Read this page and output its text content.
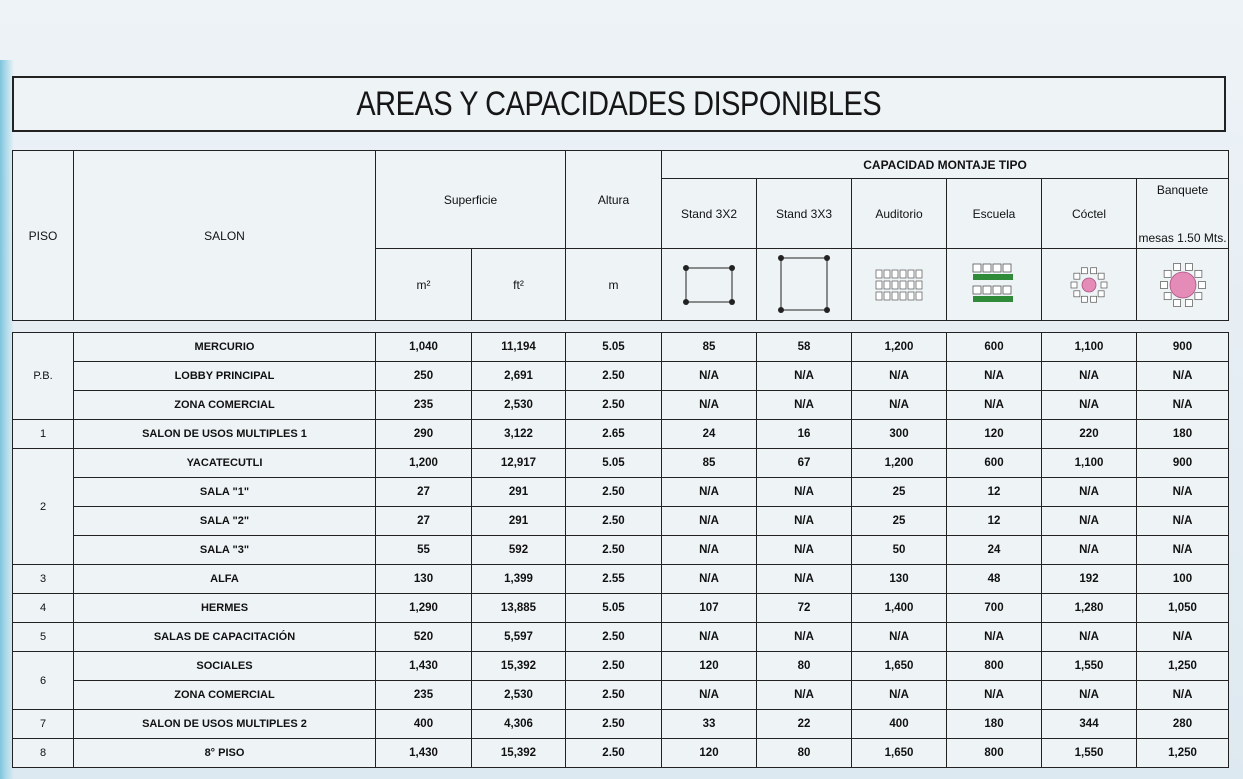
AREAS Y CAPACIDADES DISPONIBLES
PISO	SALON	Superficie		Altura	CAPACIDAD MONTAJE TIPO					
					Stand 3X2	Stand 3X3	Auditorio	Escuela	Cóctel	Banquete
mesas 1.50 Mts.

		m²	ft²	m	

P.B.	MERCURIO	1,040	11,194	5.05	85	58	1,200	600	1,100	900
	LOBBY PRINCIPAL	250	2,691	2.50	N/A	N/A	N/A	N/A	N/A	N/A
	ZONA COMERCIAL	235	2,530	2.50	N/A	N/A	N/A	N/A	N/A	N/A
1	SALON DE USOS MULTIPLES 1	290	3,122	2.65	24	16	300	120	220	180
2	YACATECUTLI	1,200	12,917	5.05	85	67	1,200	600	1,100	900
	SALA "1"	27	291	2.50	N/A	N/A	25	12	N/A	N/A
	SALA "2"	27	291	2.50	N/A	N/A	25	12	N/A	N/A
	SALA "3"	55	592	2.50	N/A	N/A	50	24	N/A	N/A
3	ALFA	130	1,399	2.55	N/A	N/A	130	48	192	100
4	HERMES	1,290	13,885	5.05	107	72	1,400	700	1,280	1,050
5	SALAS DE CAPACITACIÓN	520	5,597	2.50	N/A	N/A	N/A	N/A	N/A	N/A
6	SOCIALES	1,430	15,392	2.50	120	80	1,650	800	1,550	1,250
	ZONA COMERCIAL	235	2,530	2.50	N/A	N/A	N/A	N/A	N/A	N/A
7	SALON DE USOS MULTIPLES 2	400	4,306	2.50	33	22	400	180	344	280
8	8° PISO	1,430	15,392	2.50	120	80	1,650	800	1,550	1,250
